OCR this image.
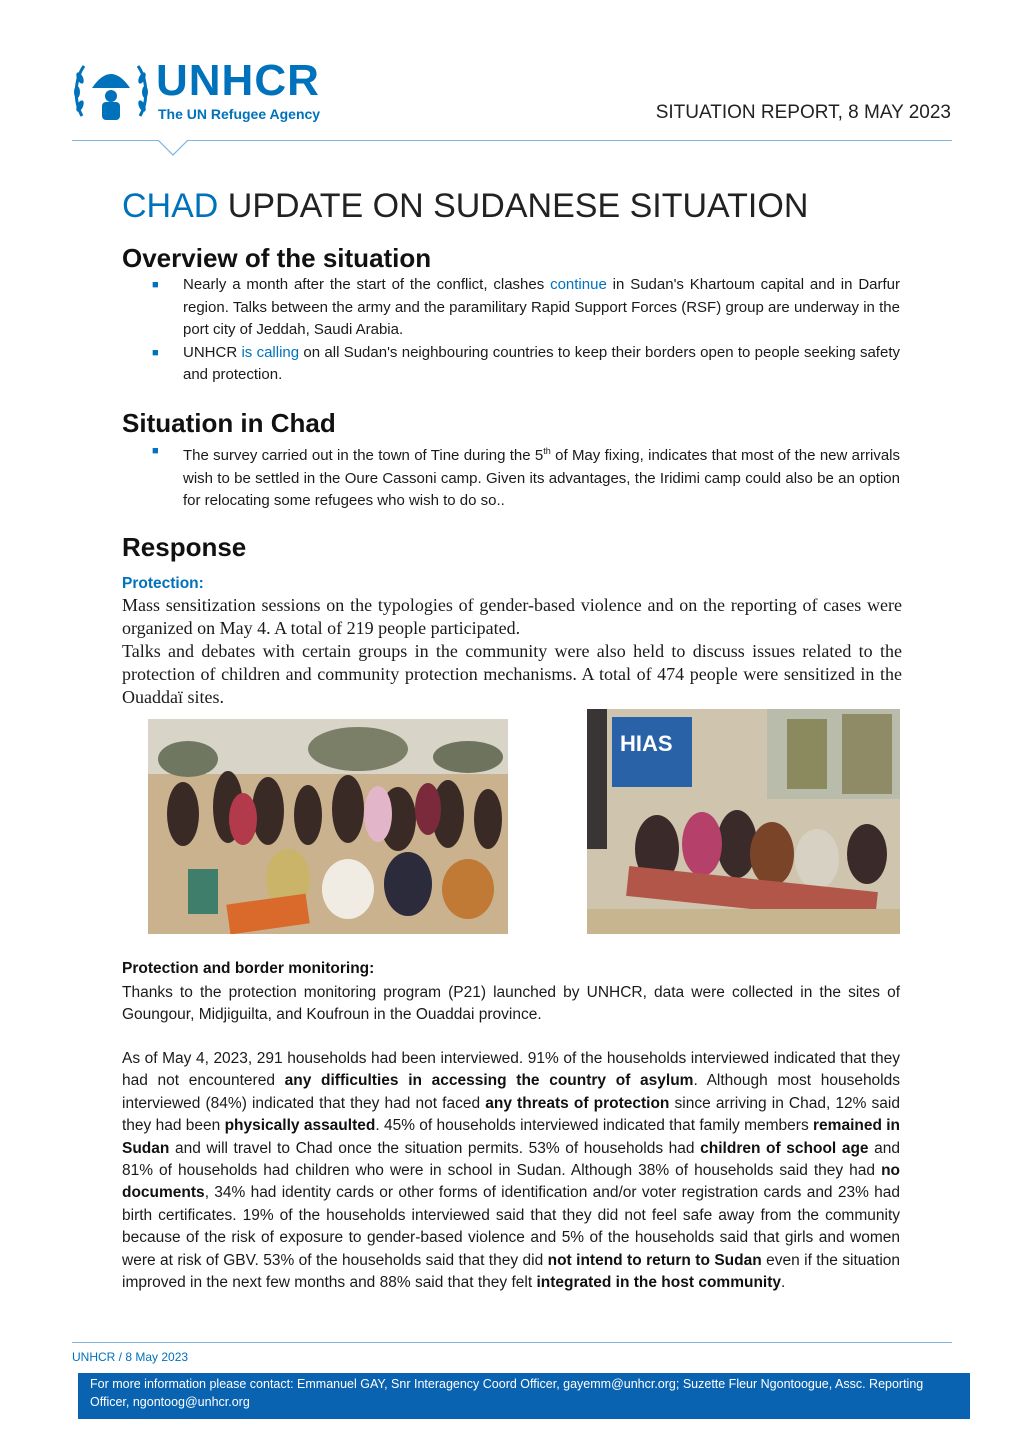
UNHCR
The UN Refugee Agency	SITUATION REPORT, 8 MAY 2023
CHAD UPDATE ON SUDANESE SITUATION
Overview of the situation
■ Nearly a month after the start of the conflict, clashes continue in Sudan's Khartoum capital and in Darfur region. Talks between the army and the paramilitary Rapid Support Forces (RSF) group are underway in the port city of Jeddah, Saudi Arabia.
■ UNHCR is calling on all Sudan's neighbouring countries to keep their borders open to people seeking safety and protection.
Situation in Chad
■ The survey carried out in the town of Tine during the 5th of May fixing, indicates that most of the new arrivals wish to be settled in the Oure Cassoni camp. Given its advantages, the Iridimi camp could also be an option for relocating some refugees who wish to do so..
Response
Protection:
Mass sensitization sessions on the typologies of gender-based violence and on the reporting of cases were organized on May 4. A total of 219 people participated.
Talks and debates with certain groups in the community were also held to discuss issues related to the protection of children and community protection mechanisms. A total of 474 people were sensitized in the Ouaddaï sites.
HIAS
Protection and border monitoring:
Thanks to the protection monitoring program (P21) launched by UNHCR, data were collected in the sites of Goungour, Midjiguilta, and Koufroun in the Ouaddai province.
As of May 4, 2023, 291 households had been interviewed. 91% of the households interviewed indicated that they had not encountered any difficulties in accessing the country of asylum. Although most households interviewed (84%) indicated that they had not faced any threats of protection since arriving in Chad, 12% said they had been physically assaulted. 45% of households interviewed indicated that family members remained in Sudan and will travel to Chad once the situation permits. 53% of households had children of school age and 81% of households had children who were in school in Sudan. Although 38% of households said they had no documents, 34% had identity cards or other forms of identification and/or voter registration cards and 23% had birth certificates. 19% of the households interviewed said that they did not feel safe away from the community because of the risk of exposure to gender-based violence and 5% of the households said that girls and women were at risk of GBV. 53% of the households said that they did not intend to return to Sudan even if the situation improved in the next few months and 88% said that they felt integrated in the host community.
UNHCR / 8 May 2023
For more information please contact: Emmanuel GAY, Snr Interagency Coord Officer, gayemm@unhcr.org; Suzette Fleur Ngontoogue, Assc. Reporting Officer, ngontoog@unhcr.org
